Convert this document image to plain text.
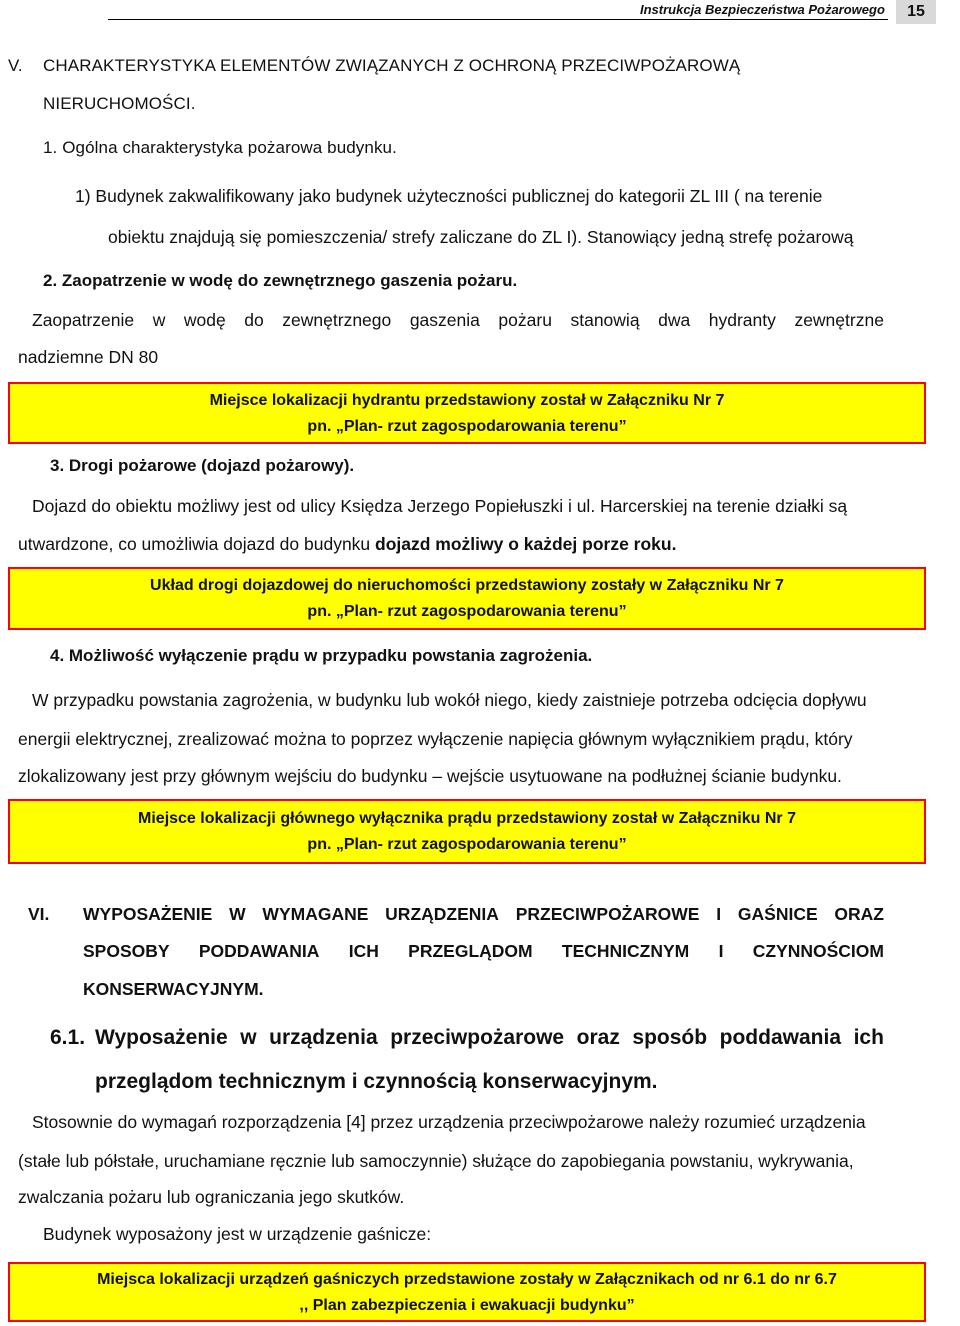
Instrukcja Bezpieczeństwa Pożarowego	15
V. CHARAKTERYSTYKA ELEMENTÓW ZWIĄZANYCH Z OCHRONĄ PRZECIWPOŻAROWĄ
NIERUCHOMOŚCI.
1. Ogólna charakterystyka pożarowa budynku.
1) Budynek zakwalifikowany jako budynek użyteczności publicznej do kategorii ZL III ( na terenie
obiektu znajdują się pomieszczenia/ strefy zaliczane do ZL I). Stanowiący jedną strefę pożarową
2. Zaopatrzenie w wodę do zewnętrznego gaszenia pożaru.
Zaopatrzenie w wodę do zewnętrznego gaszenia pożaru stanowią dwa hydranty zewnętrzne
nadziemne DN 80
Miejsce lokalizacji hydrantu przedstawiony został w Załączniku Nr 7
pn. „Plan- rzut zagospodarowania terenu”
3. Drogi pożarowe (dojazd pożarowy).
Dojazd do obiektu możliwy jest od ulicy Księdza Jerzego Popiełuszki i ul. Harcerskiej na terenie działki są
utwardzone, co umożliwia dojazd do budynku dojazd możliwy o każdej porze roku.
Układ drogi dojazdowej do nieruchomości przedstawiony zostały w Załączniku Nr 7
pn. „Plan- rzut zagospodarowania terenu”
4. Możliwość wyłączenie prądu w przypadku powstania zagrożenia.
W przypadku powstania zagrożenia, w budynku lub wokół niego, kiedy zaistnieje potrzeba odcięcia dopływu
energii elektrycznej, zrealizować można to poprzez wyłączenie napięcia głównym wyłącznikiem prądu, który
zlokalizowany jest przy głównym wejściu do budynku – wejście usytuowane na podłużnej ścianie budynku.
Miejsce lokalizacji głównego wyłącznika prądu przedstawiony został w Załączniku Nr 7
pn. „Plan- rzut zagospodarowania terenu”
VI. WYPOSAŻENIE W WYMAGANE URZĄDZENIA PRZECIWPOŻAROWE I GAŚNICE ORAZ
SPOSOBY PODDAWANIA ICH PRZEGLĄDOM TECHNICZNYM I CZYNNOŚCIOM
KONSERWACYJNYM.
6.1. Wyposażenie w urządzenia przeciwpożarowe oraz sposób poddawania ich
przeglądom technicznym i czynnością konserwacyjnym.
Stosownie do wymagań rozporządzenia [4] przez urządzenia przeciwpożarowe należy rozumieć urządzenia
(stałe lub półstałe, uruchamiane ręcznie lub samoczynnie) służące do zapobiegania powstaniu, wykrywania,
zwalczania pożaru lub ograniczania jego skutków.
Budynek wyposażony jest w urządzenie gaśnicze:
Miejsca lokalizacji urządzeń gaśniczych przedstawione zostały w Załącznikach od nr 6.1 do nr 6.7
,, Plan zabezpieczenia i ewakuacji budynku”
